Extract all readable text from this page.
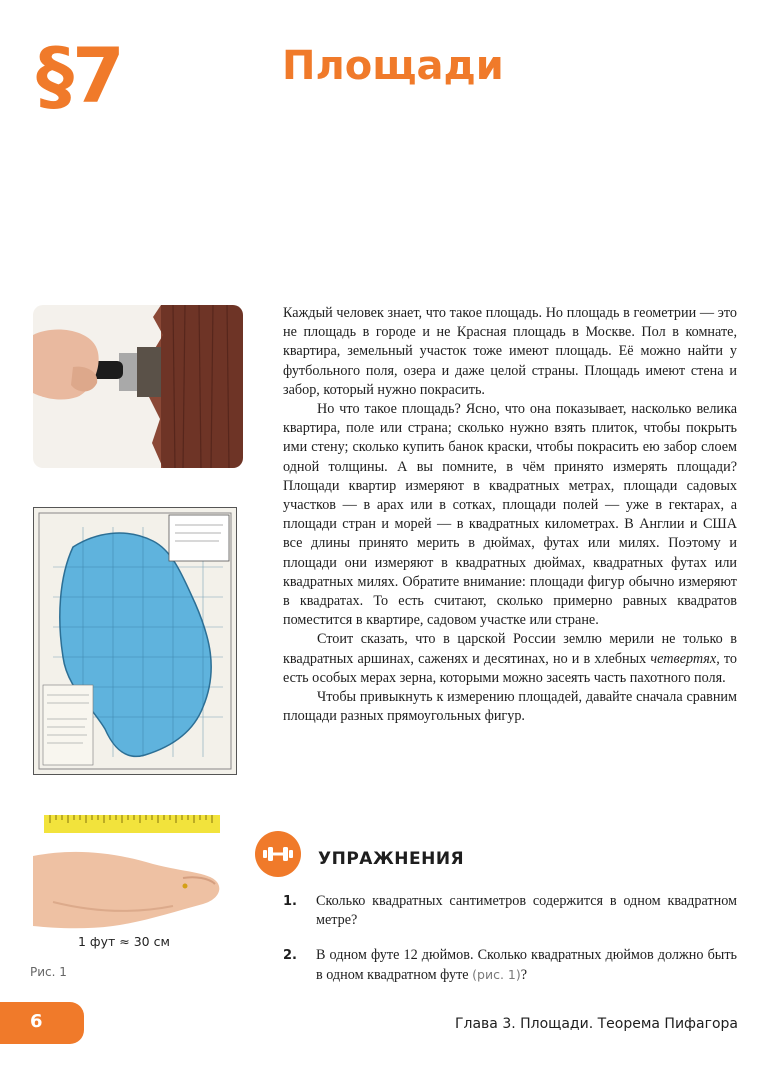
§7	Площади
1 фут ≈ 30 см
Рис. 1

Каждый человек знает, что такое площадь. Но площадь в геометрии — это не площадь в городе и не Красная площадь в Москве. Пол в комнате, квартира, земельный участок тоже имеют площадь. Её можно найти у футбольного поля, озера и даже целой страны. Площадь имеют стена и забор, который нужно покрасить.

Но что такое площадь? Ясно, что она показывает, насколько велика квартира, поле или страна; сколько нужно взять плиток, чтобы покрыть ими стену; сколько купить банок краски, чтобы покрасить ею забор слоем одной толщины. А вы помните, в чём принято измерять площади? Площади квартир измеряют в квадратных метрах, площади садовых участков — в арах или в сотках, площади полей — уже в гектарах, а площади стран и морей — в квадратных километрах. В Англии и США все длины принято мерить в дюймах, футах или милях. Поэтому и площади они измеряют в квадратных дюймах, квадратных футах или квадратных милях. Обратите внимание: площади фигур обычно измеряют в квадратах. То есть считают, сколько примерно равных квадратов поместится в квартире, садовом участке или стране.

Стоит сказать, что в царской России землю мерили не только в квадратных аршинах, саженях и десятинах, но и в хлебных четвертях, то есть особых мерах зерна, которыми можно засеять часть пахотного поля.

Чтобы привыкнуть к измерению площадей, давайте сначала сравним площади разных прямоугольных фигур.

УПРАЖНЕНИЯ
1. Сколько квадратных сантиметров содержится в одном квадратном метре?
2. В одном футе 12 дюймов. Сколько квадратных дюймов должно быть в одном квадратном футе (рис. 1)?
6	Глава 3. Площади. Теорема Пифагора
